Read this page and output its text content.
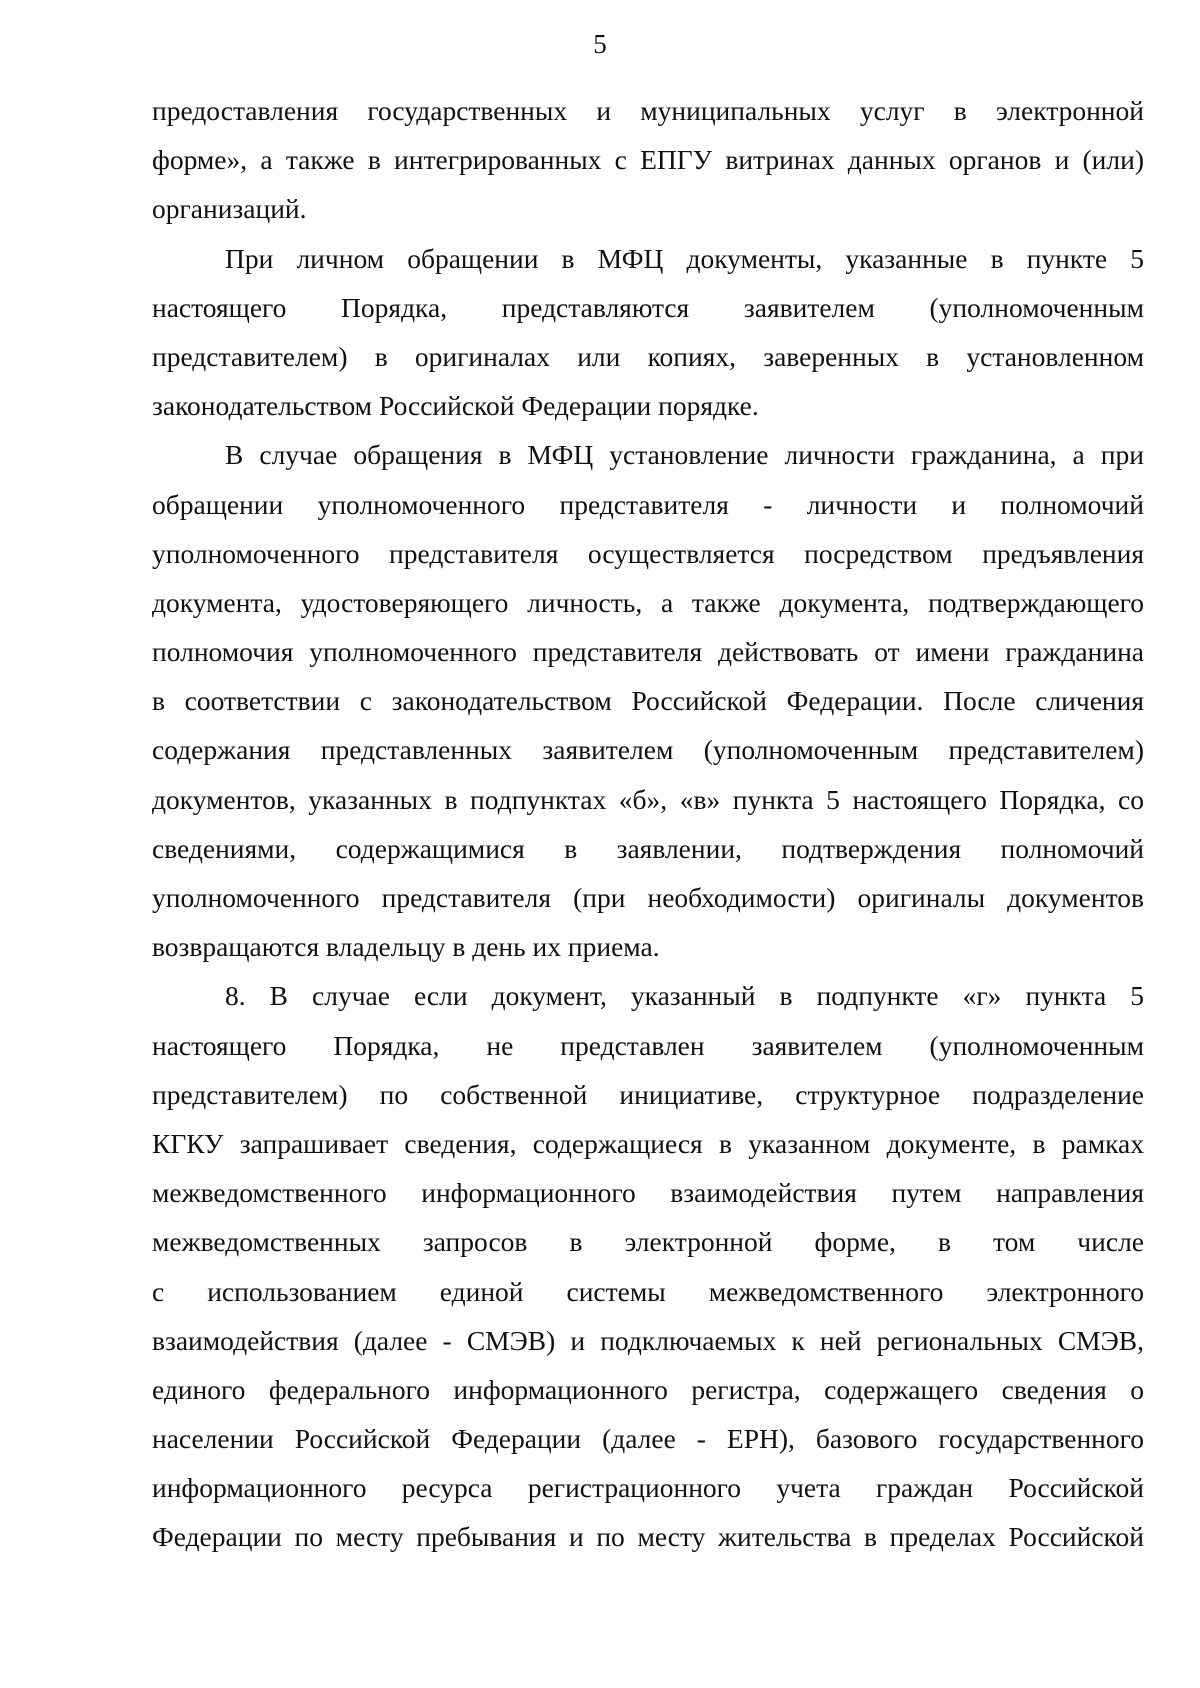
5
предоставления государственных и муниципальных услуг в электронной
форме», а также в интегрированных с ЕПГУ витринах данных органов и (или)
организаций.
При личном обращении в МФЦ документы, указанные в пункте 5
настоящего Порядка, представляются заявителем (уполномоченным
представителем) в оригиналах или копиях, заверенных в установленном
законодательством Российской Федерации порядке.
В случае обращения в МФЦ установление личности гражданина, а при
обращении уполномоченного представителя - личности и полномочий
уполномоченного представителя осуществляется посредством предъявления
документа, удостоверяющего личность, а также документа, подтверждающего
полномочия уполномоченного представителя действовать от имени гражданина
в соответствии с законодательством Российской Федерации. После сличения
содержания представленных заявителем (уполномоченным представителем)
документов, указанных в подпунктах «б», «в» пункта 5 настоящего Порядка, со
сведениями, содержащимися в заявлении, подтверждения полномочий
уполномоченного представителя (при необходимости) оригиналы документов
возвращаются владельцу в день их приема.
8. В случае если документ, указанный в подпункте «г» пункта 5
настоящего Порядка, не представлен заявителем (уполномоченным
представителем) по собственной инициативе, структурное подразделение
КГКУ запрашивает сведения, содержащиеся в указанном документе, в рамках
межведомственного информационного взаимодействия путем направления
межведомственных запросов в электронной форме, в том числе
с использованием единой системы межведомственного электронного
взаимодействия (далее - СМЭВ) и подключаемых к ней региональных СМЭВ,
единого федерального информационного регистра, содержащего сведения о
населении Российской Федерации (далее - ЕРН), базового государственного
информационного ресурса регистрационного учета граждан Российской
Федерации по месту пребывания и по месту жительства в пределах Российской
